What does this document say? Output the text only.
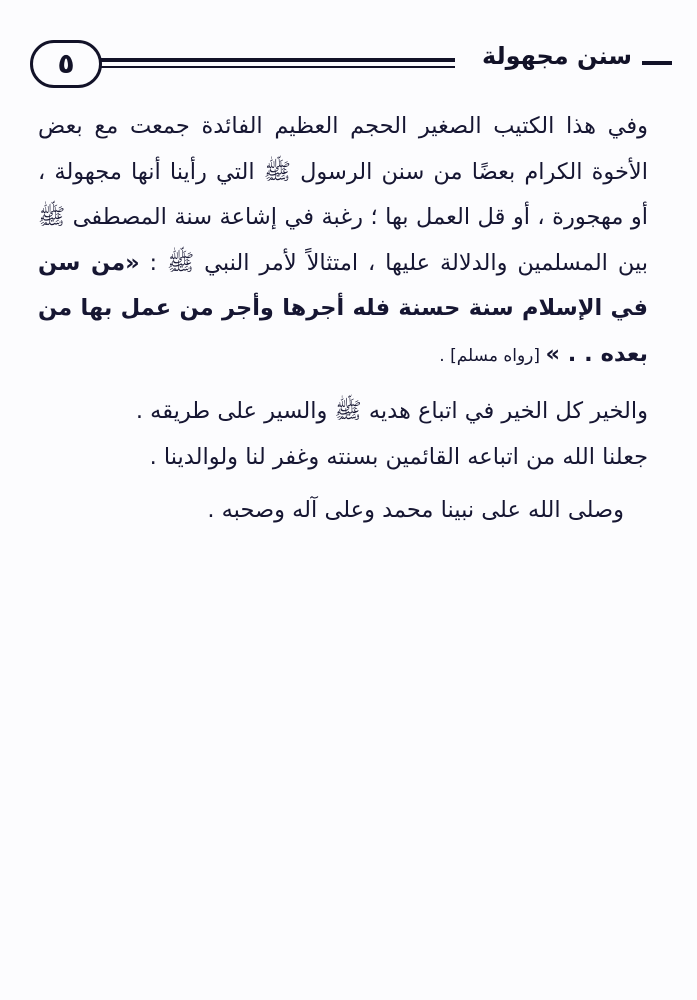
٥	سنن مجهولة

وفي هذا الكتيب الصغير الحجم العظيم الفائدة جمعت مع بعض الأخوة الكرام بعضًا من سنن الرسول ﷺ التي رأينا أنها مجهولة ، أو مهجورة ، أو قل العمل بها ؛ رغبة في إشاعة سنة المصطفى ﷺ بين المسلمين والدلالة عليها ، امتثالاً لأمر النبي ﷺ : «من سن في الإسلام سنة حسنة فله أجرها وأجر من عمل بها من بعده . . » [رواه مسلم] .

والخير كل الخير في اتباع هديه ﷺ والسير على طريقه .
جعلنا الله من اتباعه القائمين بسنته وغفر لنا ولوالدينا .

وصلى الله على نبينا محمد وعلى آله وصحبه .
